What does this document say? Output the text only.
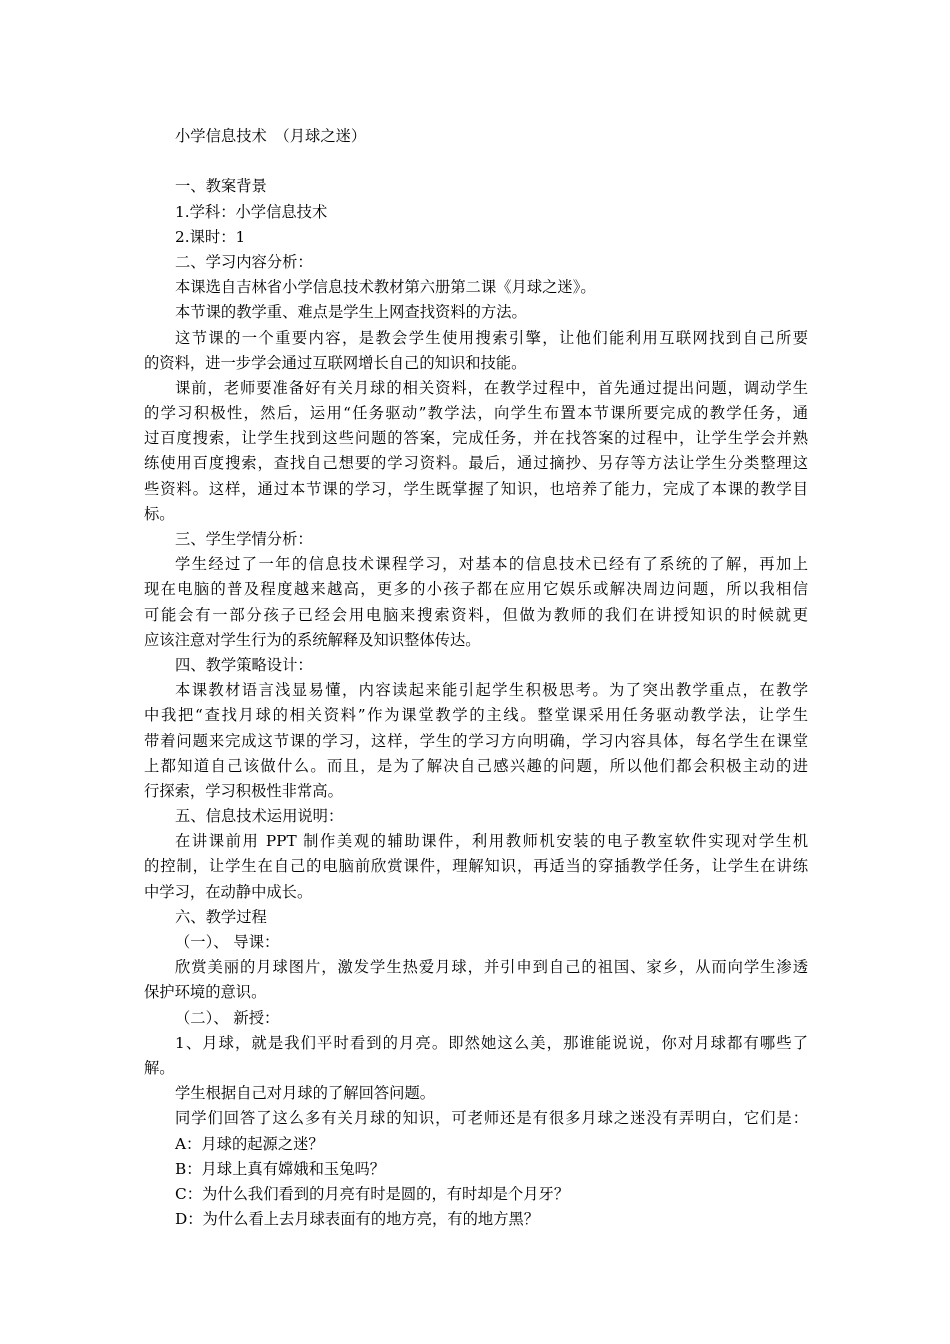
小学信息技术　（月球之迷）
一、教案背景
1.学科：小学信息技术
2.课时：1
二、学习内容分析：
本课选自吉林省小学信息技术教材第六册第二课《月球之迷》。
本节课的教学重、难点是学生上网查找资料的方法。
这节课的一个重要内容，是教会学生使用搜索引擎，让他们能利用互联网找到自己所要
的资料，进一步学会通过互联网增长自己的知识和技能。
课前，老师要准备好有关月球的相关资料，在教学过程中，首先通过提出问题，调动学生
的学习积极性，然后，运用“任务驱动”教学法，向学生布置本节课所要完成的教学任务，通
过百度搜索，让学生找到这些问题的答案，完成任务，并在找答案的过程中，让学生学会并熟
练使用百度搜索，查找自己想要的学习资料。最后，通过摘抄、另存等方法让学生分类整理这
些资料。这样，通过本节课的学习，学生既掌握了知识，也培养了能力，完成了本课的教学目
标。
三、学生学情分析：
学生经过了一年的信息技术课程学习，对基本的信息技术已经有了系统的了解，再加上
现在电脑的普及程度越来越高，更多的小孩子都在应用它娱乐或解决周边问题，所以我相信
可能会有一部分孩子已经会用电脑来搜索资料，但做为教师的我们在讲授知识的时候就更
应该注意对学生行为的系统解释及知识整体传达。
四、教学策略设计：
本课教材语言浅显易懂，内容读起来能引起学生积极思考。为了突出教学重点，在教学
中我把“查找月球的相关资料”作为课堂教学的主线。整堂课采用任务驱动教学法，让学生
带着问题来完成这节课的学习，这样，学生的学习方向明确，学习内容具体，每名学生在课堂
上都知道自己该做什么。而且，是为了解决自己感兴趣的问题，所以他们都会积极主动的进
行探索，学习积极性非常高。
五、信息技术运用说明：
在讲课前用 PPT 制作美观的辅助课件，利用教师机安装的电子教室软件实现对学生机
的控制，让学生在自己的电脑前欣赏课件，理解知识，再适当的穿插教学任务，让学生在讲练
中学习，在动静中成长。
六、教学过程
（一）、 导课：
欣赏美丽的月球图片，激发学生热爱月球，并引申到自己的祖国、家乡，从而向学生渗透
保护环境的意识。
（二）、 新授：
1、月球，就是我们平时看到的月亮。即然她这么美，那谁能说说，你对月球都有哪些了
解。
学生根据自己对月球的了解回答问题。
同学们回答了这么多有关月球的知识，可老师还是有很多月球之迷没有弄明白，它们是：
A：月球的起源之迷？
B：月球上真有嫦娥和玉兔吗？
C：为什么我们看到的月亮有时是圆的，有时却是个月牙？
D：为什么看上去月球表面有的地方亮，有的地方黑？
